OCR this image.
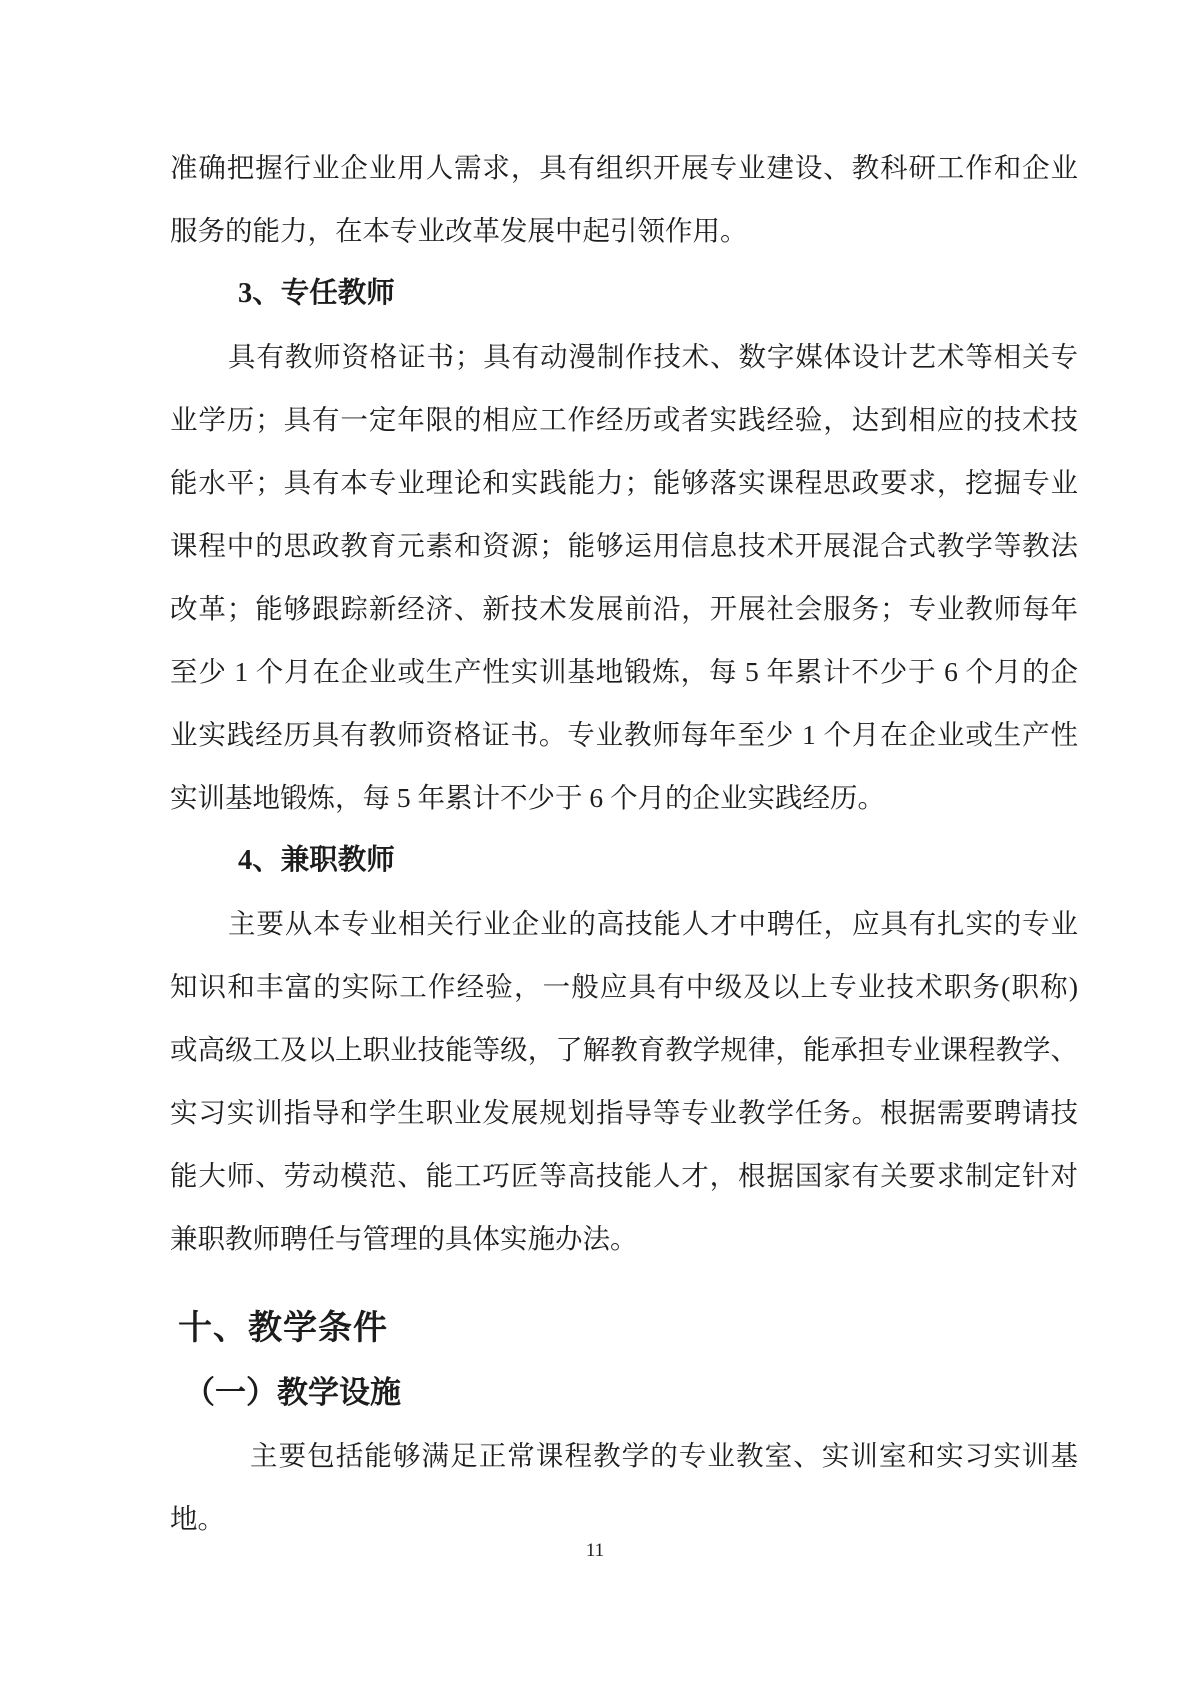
准确把握行业企业用人需求，具有组织开展专业建设、教科研工作和企业
服务的能力，在本专业改革发展中起引领作用。
3、专任教师
具有教师资格证书；具有动漫制作技术、数字媒体设计艺术等相关专
业学历；具有一定年限的相应工作经历或者实践经验，达到相应的技术技
能水平；具有本专业理论和实践能力；能够落实课程思政要求，挖掘专业
课程中的思政教育元素和资源；能够运用信息技术开展混合式教学等教法
改革；能够跟踪新经济、新技术发展前沿，开展社会服务；专业教师每年
至少 1 个月在企业或生产性实训基地锻炼，每 5 年累计不少于 6 个月的企
业实践经历具有教师资格证书。专业教师每年至少 1 个月在企业或生产性
实训基地锻炼，每 5 年累计不少于 6 个月的企业实践经历。
4、兼职教师
主要从本专业相关行业企业的高技能人才中聘任，应具有扎实的专业
知识和丰富的实际工作经验，一般应具有中级及以上专业技术职务(职称)
或高级工及以上职业技能等级，了解教育教学规律，能承担专业课程教学、
实习实训指导和学生职业发展规划指导等专业教学任务。根据需要聘请技
能大师、劳动模范、能工巧匠等高技能人才，根据国家有关要求制定针对
兼职教师聘任与管理的具体实施办法。
十、教学条件
（一）教学设施
主要包括能够满足正常课程教学的专业教室、实训室和实习实训基
地。
11
